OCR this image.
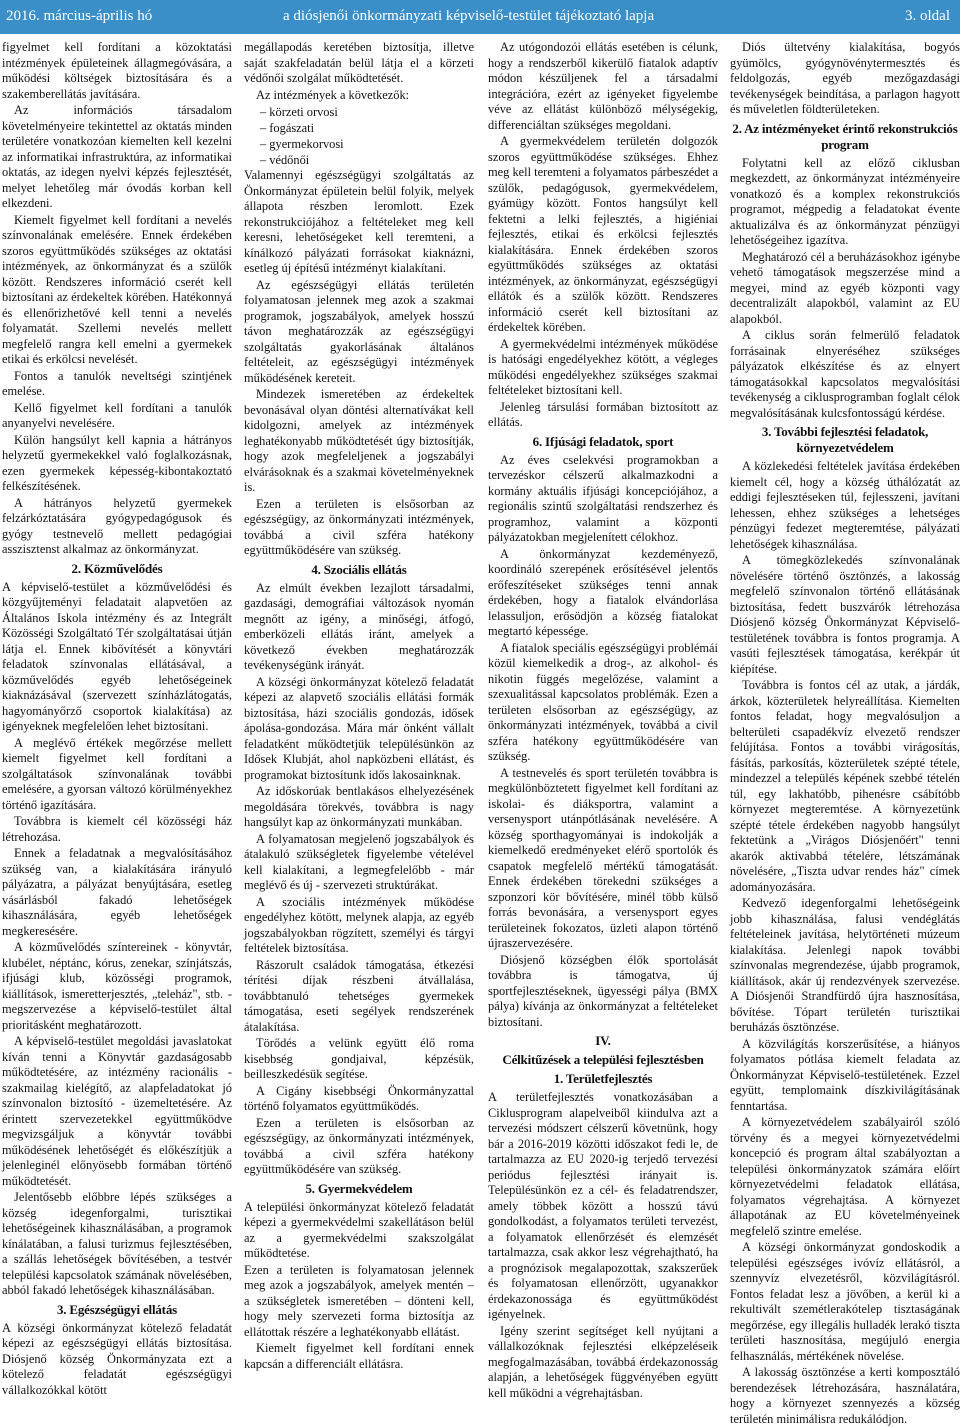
2016. március-április hó	a diósjenői önkormányzati képviselő-testület tájékoztató lapja	3. oldal

figyelmet kell fordítani a közoktatási intézmények épületeinek állagmegóvására, a működési költségek biztosítására és a szakemberellátás javítására.

Az információs társadalom követelményeire tekintettel az oktatás minden területére vonatkozóan kiemelten kell kezelni az informatikai infrastruktúra, az informatikai oktatás, az idegen nyelvi képzés fejlesztését, melyet lehetőleg már óvodás korban kell elkezdeni.

Kiemelt figyelmet kell fordítani a nevelés színvonalának emelésére. Ennek érdekében szoros együttműködés szükséges az oktatási intézmények, az önkormányzat és a szülők között. Rendszeres információ cserét kell biztosítani az érdekeltek körében. Hatékonnyá és ellenőrizhetővé kell tenni a nevelés folyamatát. Szellemi nevelés mellett megfelelő rangra kell emelni a gyermekek etikai és erkölcsi nevelését.

Fontos a tanulók neveltségi szintjének emelése.

Kellő figyelmet kell fordítani a tanulók anyanyelvi nevelésére.

Külön hangsúlyt kell kapnia a hátrányos helyzetű gyermekekkel való foglalkozásnak, ezen gyermekek képesség-kibontakoztató felkészítésének.

A hátrányos helyzetű gyermekek felzárkóztatására gyógypedagógusok és gyógy testnevelő mellett pedagógiai asszisztenst alkalmaz az önkormányzat.

2. Közművelődés

A képviselő-testület a közművelődési és közgyűjteményi feladatait alapvetően az Általános Iskola intézmény és az Integrált Közösségi Szolgáltató Tér szolgáltatásai útján látja el. Ennek kibővítését a könyvtári feladatok színvonalas ellátásával, a közművelődés egyéb lehetőségeinek kiaknázásával (szervezett színházlátogatás, hagyományőrző csoportok kialakítása) az igényeknek megfelelően lehet biztosítani.

A meglévő értékek megőrzése mellett kiemelt figyelmet kell fordítani a szolgáltatások színvonalának további emelésére, a gyorsan változó körülményekhez történő igazítására.

Továbbra is kiemelt cél közösségi ház létrehozása.

Ennek a feladatnak a megvalósításához szükség van, a kialakítására irányuló pályázatra, a pályázat benyújtására, esetleg vásárlásból fakadó lehetőségek kihasználására, egyéb lehetőségek megkeresésére.

A közművelődés színtereinek - könyvtár, klubélet, néptánc, kórus, zenekar, színjátszás, ifjúsági klub, közösségi programok, kiállítások, ismeretterjesztés, „teleház", stb. - megszervezése a képviselő-testület által prioritásként meghatározott.

A képviselő-testület megoldási javaslatokat kíván tenni a Könyvtár gazdaságosabb működtetésére, az intézmény racionális - szakmailag kielégítő, az alapfeladatokat jó színvonalon biztosító - üzemeltetésére. Az érintett szervezetekkel együttműködve megvizsgáljuk a könyvtár további működésének lehetőségét és előkészítjük a jelenleginél előnyösebb formában történő működtetését.

Jelentősebb előbbre lépés szükséges a község idegenforgalmi, turisztikai lehetőségeinek kihasználásában, a programok kínálatában, a falusi turizmus fejlesztésében, a szállás lehetőségek bővítésében, a testvér települési kapcsolatok számának növelésében, abból fakadó lehetőségek kihasználásában.

3. Egészségügyi ellátás

A községi önkormányzat kötelező feladatát képezi az egészségügyi ellátás biztosítása. Diósjenő község Önkormányzata ezt a kötelező feladatát egészségügyi vállalkozókkal kötött

megállapodás keretében biztosítja, illetve saját szakfeladatán belül látja el a körzeti védőnői szolgálat működtetését.

Az intézmények a következők:

– körzeti orvosi
– fogászati
– gyermekorvosi
– védőnői

Valamennyi egészségügyi szolgáltatás az Önkormányzat épületein belül folyik, melyek állapota részben leromlott. Ezek rekonstrukciójához a feltételeket meg kell keresni, lehetőségeket kell teremteni, a kínálkozó pályázati forrásokat kiaknázni, esetleg új építésű intézményt kialakítani.

Az egészségügyi ellátás területén folyamatosan jelennek meg azok a szakmai programok, jogszabályok, amelyek hosszú távon meghatározzák az egészségügyi szolgáltatás gyakorlásának általános feltételeit, az egészségügyi intézmények működésének kereteit.

Mindezek ismeretében az érdekeltek bevonásával olyan döntési alternatívákat kell kidolgozni, amelyek az intézmények leghatékonyabb működtetését úgy biztosítják, hogy azok megfeleljenek a jogszabályi elvárásoknak és a szakmai követelményeknek is.

Ezen a területen is elsősorban az egészségügy, az önkormányzati intézmények, továbbá a civil szféra hatékony együttműködésére van szükség.

4. Szociális ellátás

Az elmúlt években lezajlott társadalmi, gazdasági, demográfiai változások nyomán megnőtt az igény, a minőségi, átfogó, emberközeli ellátás iránt, amelyek a következő években meghatározzák tevékenységünk irányát.

A községi önkormányzat kötelező feladatát képezi az alapvető szociális ellátási formák biztosítása, házi szociális gondozás, idősek ápolása-gondozása. Mára már önként vállalt feladatként működtetjük településünkön az Idősek Klubját, ahol napközbeni ellátást, és programokat biztosítunk idős lakosainknak.

Az időskorúak bentlakásos elhelyezésének megoldására törekvés, továbbra is nagy hangsúlyt kap az önkormányzati munkában.

A folyamatosan megjelenő jogszabályok és átalakuló szükségletek figyelembe vételével kell kialakítani, a legmegfelelőbb - már meglévő és új - szervezeti struktúrákat.

A szociális intézmények működése engedélyhez kötött, melynek alapja, az egyéb jogszabályokban rögzített, személyi és tárgyi feltételek biztosítása.

Rászorult családok támogatása, étkezési térítési díjak részbeni átvállalása, továbbtanuló tehetséges gyermekek támogatása, eseti segélyek rendszerének átalakítása.

Törődés a velünk együtt élő roma kisebbség gondjaival, képzésük, beilleszkedésük segítése.

A Cigány kisebbségi Önkormányzattal történő folyamatos együttműködés.

Ezen a területen is elsősorban az egészségügy, az önkormányzati intézmények, továbbá a civil szféra hatékony együttműködésére van szükség.

5. Gyermekvédelem

A települési önkormányzat kötelező feladatát képezi a gyermekvédelmi szakellátáson belül az a gyermekvédelmi szakszolgálat működtetése.

Ezen a területen is folyamatosan jelennek meg azok a jogszabályok, amelyek mentén – a szükségletek ismeretében – dönteni kell, hogy mely szervezeti forma biztosítja az ellátottak részére a leghatékonyabb ellátást.

Kiemelt figyelmet kell fordítani ennek kapcsán a differenciált ellátásra.

Az utógondozói ellátás esetében is célunk, hogy a rendszerből kikerülő fiatalok adaptív módon készüljenek fel a társadalmi integrációra, ezért az igényeket figyelembe véve az ellátást különböző mélységekig, differenciáltan szükséges megoldani.

A gyermekvédelem területén dolgozók szoros együttműködése szükséges. Ehhez meg kell teremteni a folyamatos párbeszédet a szülők, pedagógusok, gyermekvédelem, gyámügy között. Fontos hangsúlyt kell fektetni a lelki fejlesztés, a higiéniai fejlesztés, etikai és erkölcsi fejlesztés kialakítására. Ennek érdekében szoros együttműködés szükséges az oktatási intézmények, az önkormányzat, egészségügyi ellátók és a szülők között. Rendszeres információ cserét kell biztosítani az érdekeltek körében.

A gyermekvédelmi intézmények működése is hatósági engedélyekhez kötött, a végleges működési engedélyekhez szükséges szakmai feltételeket biztosítani kell.

Jelenleg társulási formában biztosított az ellátás.

6. Ifjúsági feladatok, sport

Az éves cselekvési programokban a tervezéskor célszerű alkalmazkodni a kormány aktuális ifjúsági koncepciójához, a regionális szintű szolgáltatási rendszerhez és programhoz, valamint a központi pályázatokban megjelenített célokhoz.

A önkormányzat kezdeményező, koordináló szerepének erősítésével jelentős erőfeszítéseket szükséges tenni annak érdekében, hogy a fiatalok elvándorlása lelassuljon, erősödjön a község fiatalokat megtartó képessége.

A fiatalok speciális egészségügyi problémái közül kiemelkedik a drog-, az alkohol- és nikotin függés megelőzése, valamint a szexualitással kapcsolatos problémák. Ezen a területen elsősorban az egészségügy, az önkormányzati intézmények, továbbá a civil szféra hatékony együttműködésére van szükség.

A testnevelés és sport területén továbbra is megkülönböztetett figyelmet kell fordítani az iskolai- és diáksportra, valamint a versenysport utánpótlásának nevelésére. A község sporthagyományai is indokolják a kiemelkedő eredményeket elérő sportolók és csapatok megfelelő mértékű támogatását. Ennek érdekében törekedni szükséges a szponzori kör bővítésére, minél több külső forrás bevonására, a versenysport egyes területeinek fokozatos, üzleti alapon történő újraszervezésére.

Diósjenő községben élők sportolását továbbra is támogatva, új sportfejlesztéseknek, ügyességi pálya (BMX pálya) kívánja az önkormányzat a feltételeket biztosítani.

IV.
Célkitűzések a települési fejlesztésben
1. Területfejlesztés

A területfejlesztés vonatkozásában a Ciklusprogram alapelveiből kiindulva azt a tervezési módszert célszerű követnünk, hogy bár a 2016-2019 közötti időszakot fedi le, de tartalmazza az EU 2020-ig terjedő tervezési periódus fejlesztési irányait is. Településünkön ez a cél- és feladatrendszer, amely többek között a hosszú távú gondolkodást, a folyamatos területi tervezést, a folyamatok ellenőrzését és elemzését tartalmazza, csak akkor lesz végrehajtható, ha a prognózisok megalapozottak, szakszerűek és folyamatosan ellenőrzött, ugyanakkor érdekazonossága és együttműködést igényelnek.

Igény szerint segítséget kell nyújtani a vállalkozóknak fejlesztési elképzeléseik megfogalmazásában, továbbá érdekazonosság alapján, a lehetőségek függvényében együtt kell működni a végrehajtásban.

Diós ültetvény kialakítása, bogyós gyümölcs, gyógynövénytermesztés és feldolgozás, egyéb mezőgazdasági tevékenységek beindítása, a parlagon hagyott és műveletlen földterületeken.

2. Az intézményeket érintő rekonstrukciós program

Folytatni kell az előző ciklusban megkezdett, az önkormányzat intézményeire vonatkozó és a komplex rekonstrukciós programot, mégpedig a feladatokat évente aktualizálva és az önkormányzat pénzügyi lehetőségeihez igazítva.

Meghatározó cél a beruházásokhoz igénybe vehető támogatások megszerzése mind a megyei, mind az egyéb központi vagy decentralizált alapokból, valamint az EU alapokból.

A ciklus során felmerülő feladatok forrásainak elnyeréséhez szükséges pályázatok elkészítése és az elnyert támogatásokkal kapcsolatos megvalósítási tevékenység a ciklusprogramban foglalt célok megvalósításának kulcsfontosságú kérdése.

3. További fejlesztési feladatok, környezetvédelem

A közlekedési feltételek javítása érdekében kiemelt cél, hogy a község úthálózatát az eddigi fejlesztéseken túl, fejlesszeni, javítani lehessen, ehhez szükséges a lehetséges pénzügyi fedezet megteremtése, pályázati lehetőségek kihasználása.

A tömegközlekedés színvonalának növelésére történő ösztönzés, a lakosság megfelelő színvonalon történő ellátásának biztosítása, fedett buszvárók létrehozása Diósjenő község Önkormányzat Képviselő-testületének továbbra is fontos programja. A vasúti fejlesztések támogatása, kerékpár út kiépítése.

Továbbra is fontos cél az utak, a járdák, árkok, közterületek helyreállítása. Kiemelten fontos feladat, hogy megvalósuljon a belterületi csapadékvíz elvezető rendszer felújítása. Fontos a további virágosítás, fásítás, parkosítás, közterületek szépté tétele, mindezzel a település képének szebbé tételén túl, egy lakhatóbb, pihenésre csábítóbb környezet megteremtése. A környezetünk szépté tétele érdekében nagyobb hangsúlyt fektetünk a „Virágos Diósjenőért" tenni akarók aktivabbá tételére, létszámának növelésére, „Tiszta udvar rendes ház" címek adományozására.

Kedvező idegenforgalmi lehetőségeink jobb kihasználása, falusi vendéglátás feltételeinek javítása, helytörténeti múzeum kialakítása. Jelenlegi napok további színvonalas megrendezése, újabb programok, kiállítások, akár új rendezvények szervezése. A Diósjenői Strandfürdő újra hasznosítása, bővítése. Tópart területén turisztikai beruházás ösztönzése.

A közvilágítás korszerűsítése, a hiányos folyamatos pótlása kiemelt feladata az Önkormányzat Képviselő-testületének. Ezzel együtt, templomaink díszkivilágításának fenntartása.

A környezetvédelem szabályairól szóló törvény és a megyei környezetvédelmi koncepció és program által szabályoztan a települési önkormányzatok számára előírt környezetvédelmi feladatok ellátása, folyamatos végrehajtása. A környezet állapotának az EU követelményeinek megfelelő szintre emelése.

A községi önkormányzat gondoskodik a települési egészséges ivóvíz ellátásról, a szennyvíz elvezetésről, közvilágításról. Fontos feladat lesz a jövőben, a kerül ki a rekultivált szemétlerakótelep tisztaságának megőrzése, egy illegális hulladék lerakó tiszta területi hasznosítása, megújuló energia felhasználás, mértékének növelése.

A lakosság ösztönzése a kerti komposztáló berendezések létrehozására, használatára, hogy a környezet szennyezés a község területén minimálisra redukálódjon.
